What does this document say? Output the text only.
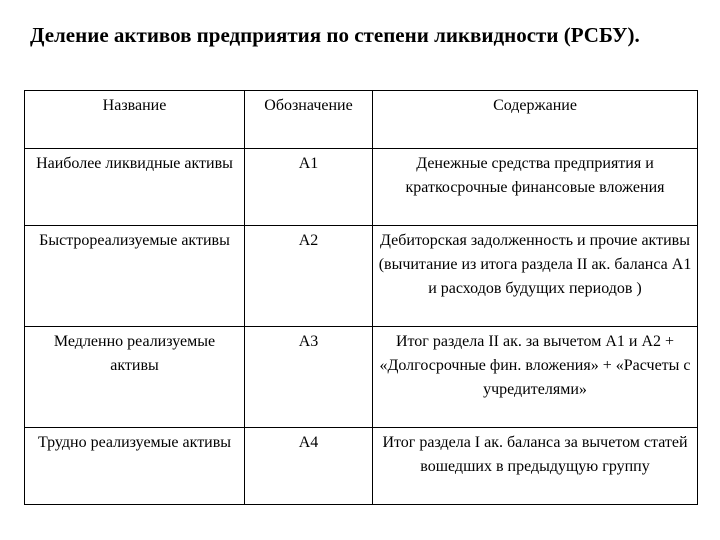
Деление активов предприятия по степени ликвидности (РСБУ).
Название	Обозначение	Содержание
Наиболее ликвидные активы	А1	Денежные средства предприятия и краткосрочные финансовые вложения
Быстрореализуемые активы	А2	Дебиторская задолженность и прочие активы (вычитание из итога раздела II ак. баланса А1 и расходов будущих периодов )
Медленно реализуемые активы	А3	Итог раздела II ак. за вычетом А1 и А2 + «Долгосрочные фин. вложения» + «Расчеты с учредителями»
Трудно реализуемые активы	А4	Итог раздела I ак. баланса за вычетом статей вошедших в предыдущую группу
